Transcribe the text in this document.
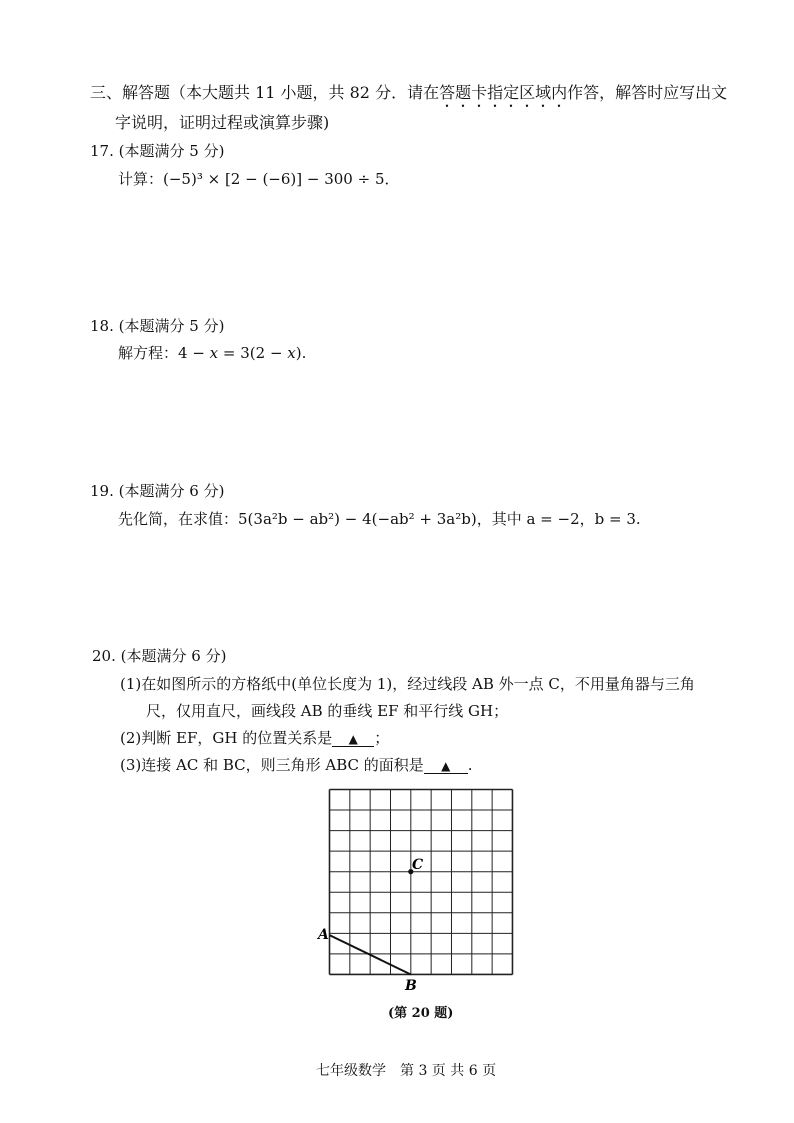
三、解答题（本大题共 11 小题，共 82 分．请在答题卡指定区域内作答，解答时应写出文
字说明，证明过程或演算步骤)
17. (本题满分 5 分)
计算：(−5)³ × [2 − (−6)] − 300 ÷ 5．
18. (本题满分 5 分)
解方程：4 − x = 3(2 − x).
19. (本题满分 6 分)
先化简，在求值：5(3a²b − ab²) − 4(−ab² + 3a²b)，其中 a = −2，b = 3.
20. (本题满分 6 分)
(1)在如图所示的方格纸中(单位长度为 1)，经过线段 AB 外一点 C，不用量角器与三角
尺，仅用直尺，画线段 AB 的垂线 EF 和平行线 GH；
(2)判断 EF，GH 的位置关系是 ▲ ；
(3)连接 AC 和 BC，则三角形 ABC 的面积是 ▲ .
A
B
C
(第 20 题)
七年级数学　第 3 页 共 6 页
